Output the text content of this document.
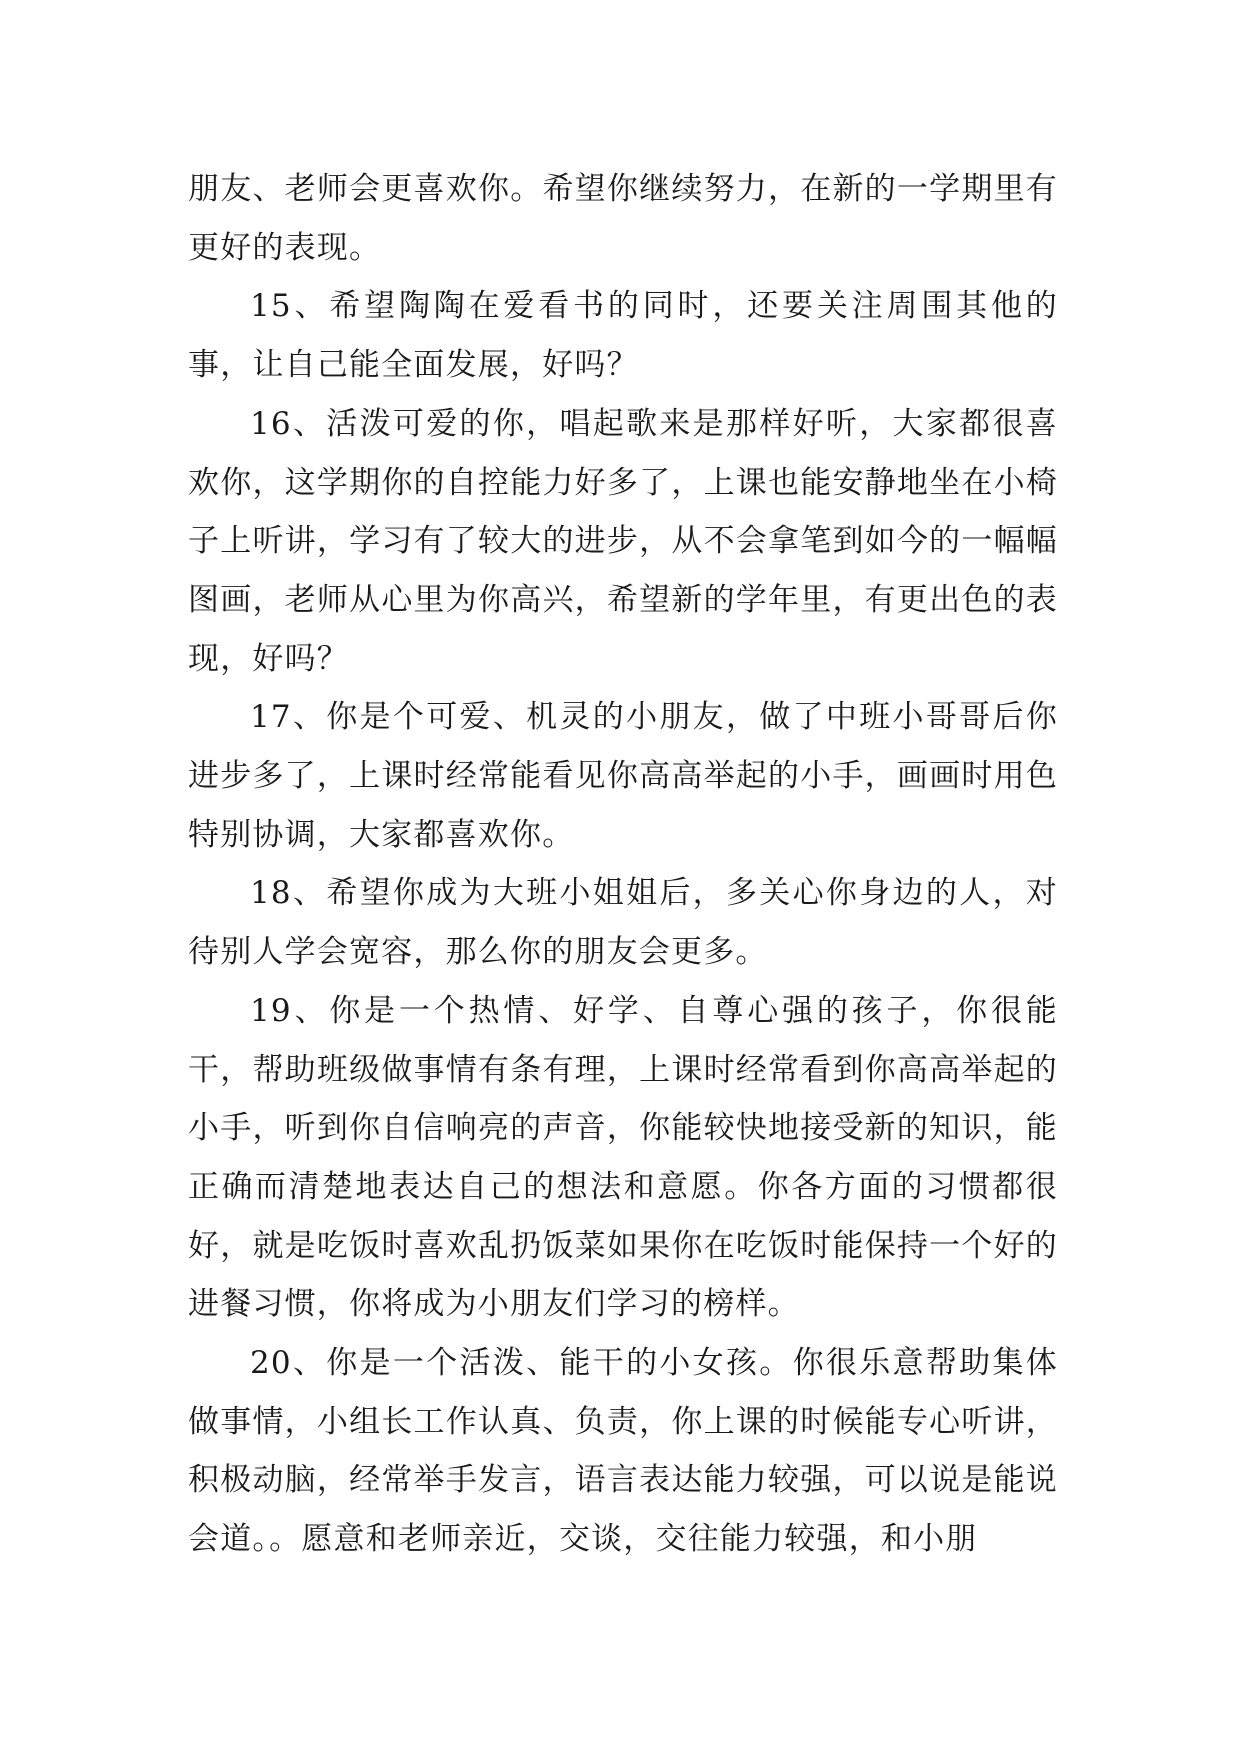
朋友、老师会更喜欢你。希望你继续努力，在新的一学期里有更好的表现。

15、希望陶陶在爱看书的同时，还要关注周围其他的事，让自己能全面发展，好吗？

16、活泼可爱的你，唱起歌来是那样好听，大家都很喜欢你，这学期你的自控能力好多了，上课也能安静地坐在小椅子上听讲，学习有了较大的进步，从不会拿笔到如今的一幅幅图画，老师从心里为你高兴，希望新的学年里，有更出色的表现，好吗？

17、你是个可爱、机灵的小朋友，做了中班小哥哥后你进步多了，上课时经常能看见你高高举起的小手，画画时用色特别协调，大家都喜欢你。

18、希望你成为大班小姐姐后，多关心你身边的人，对待别人学会宽容，那么你的朋友会更多。

19、你是一个热情、好学、自尊心强的孩子，你很能干，帮助班级做事情有条有理，上课时经常看到你高高举起的小手，听到你自信响亮的声音，你能较快地接受新的知识，能正确而清楚地表达自己的想法和意愿。你各方面的习惯都很好，就是吃饭时喜欢乱扔饭菜如果你在吃饭时能保持一个好的进餐习惯，你将成为小朋友们学习的榜样。

20、你是一个活泼、能干的小女孩。你很乐意帮助集体做事情，小组长工作认真、负责，你上课的时候能专心听讲，积极动脑，经常举手发言，语言表达能力较强，可以说是能说会道。。愿意和老师亲近，交谈，交往能力较强，和小朋
